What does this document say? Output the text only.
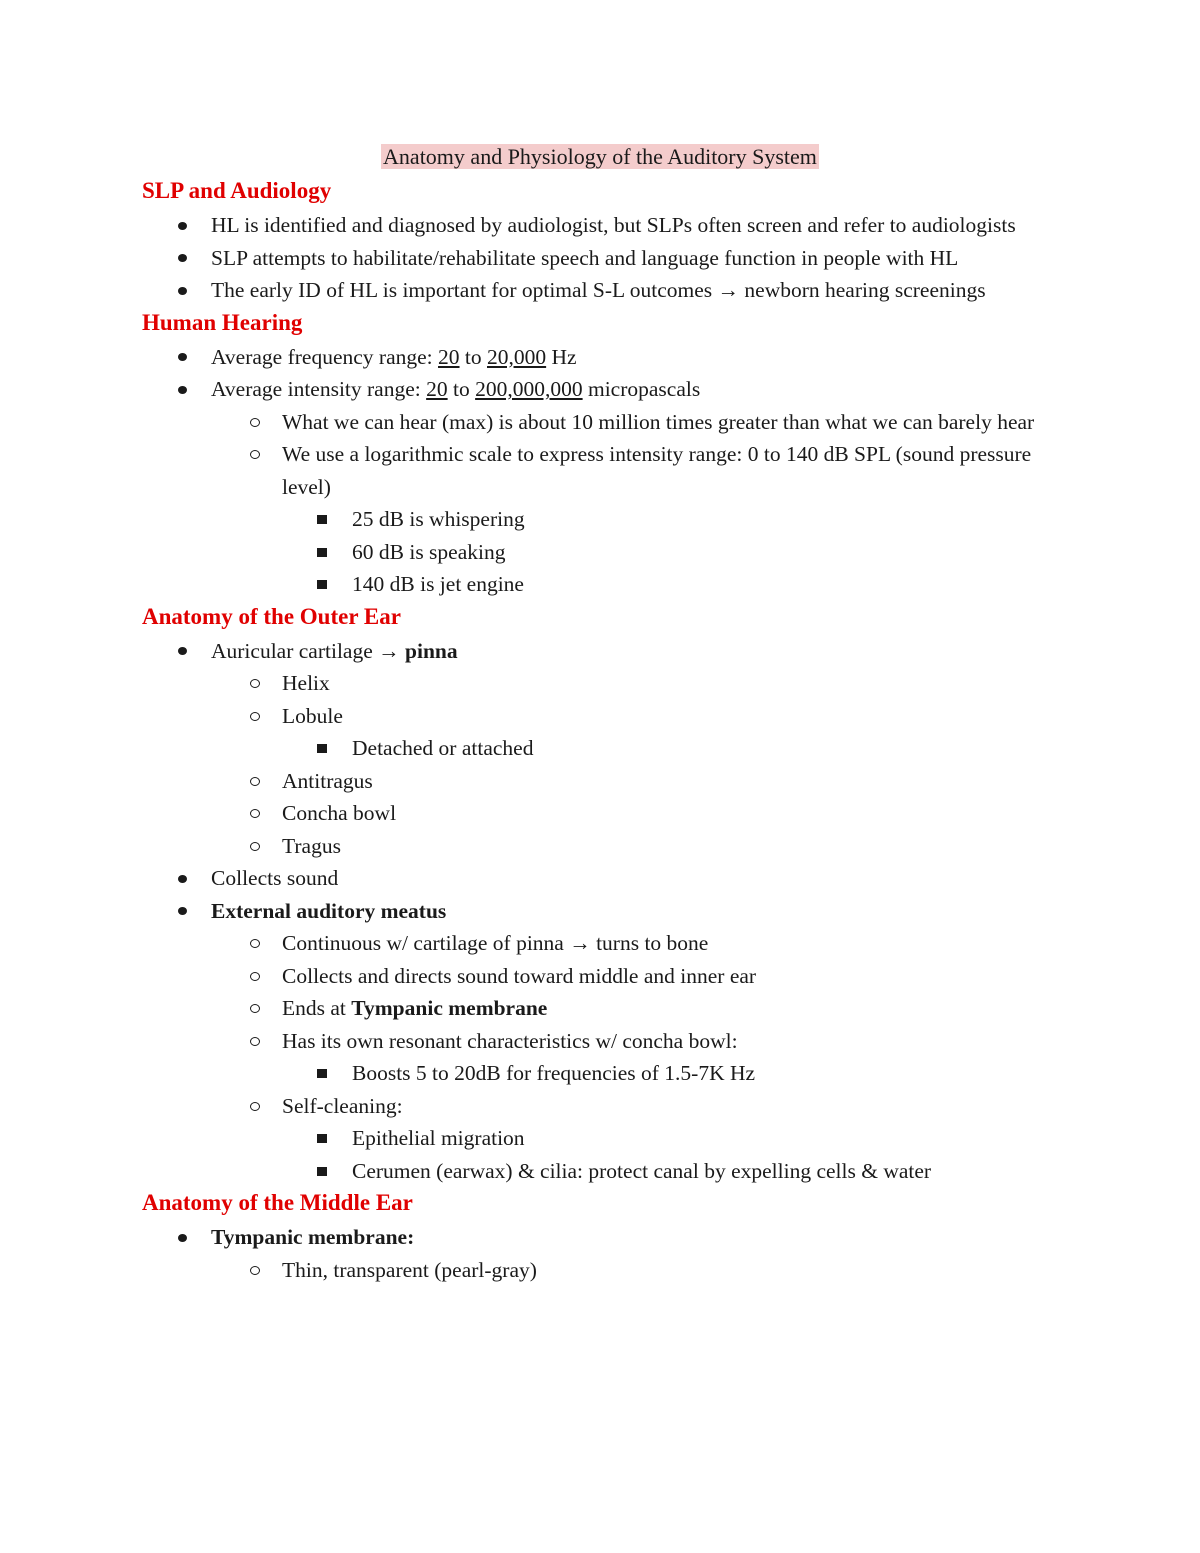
Anatomy and Physiology of the Auditory System
SLP and Audiology
HL is identified and diagnosed by audiologist, but SLPs often screen and refer to audiologists
SLP attempts to habilitate/rehabilitate speech and language function in people with HL
The early ID of HL is important for optimal S-L outcomes → newborn hearing screenings
Human Hearing
Average frequency range: 20 to 20,000 Hz
Average intensity range: 20 to 200,000,000 micropascals
What we can hear (max) is about 10 million times greater than what we can barely hear
We use a logarithmic scale to express intensity range: 0 to 140 dB SPL (sound pressure level)
25 dB is whispering
60 dB is speaking
140 dB is jet engine
Anatomy of the Outer Ear
Auricular cartilage → pinna
Helix
Lobule
Detached or attached
Antitragus
Concha bowl
Tragus
Collects sound
External auditory meatus
Continuous w/ cartilage of pinna → turns to bone
Collects and directs sound toward middle and inner ear
Ends at Tympanic membrane
Has its own resonant characteristics w/ concha bowl:
Boosts 5 to 20dB for frequencies of 1.5-7K Hz
Self-cleaning:
Epithelial migration
Cerumen (earwax) & cilia: protect canal by expelling cells & water
Anatomy of the Middle Ear
Tympanic membrane:
Thin, transparent (pearl-gray)
